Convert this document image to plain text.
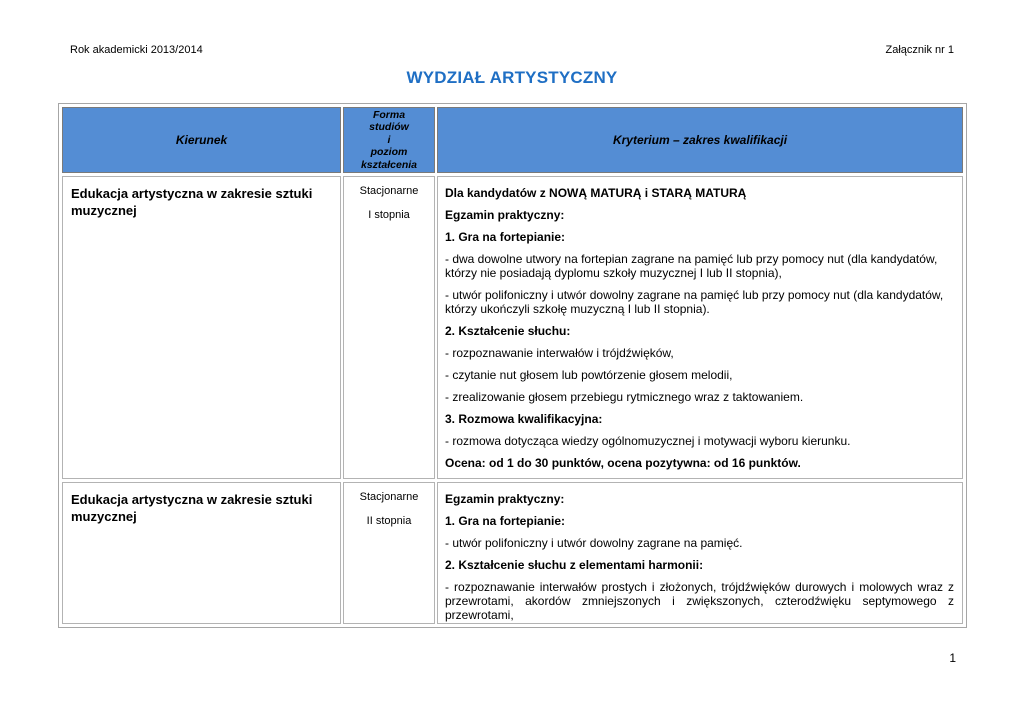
Rok akademicki 2013/2014	Załącznik nr 1
WYDZIAŁ ARTYSTYCZNY
Kierunek
Forma
studiów
i
poziom
kształcenia
Kryterium – zakres kwalifikacji
Edukacja artystyczna w zakresie sztuki muzycznej

Stacjonarne

I stopnia

Dla kandydatów z NOWĄ MATURĄ i STARĄ MATURĄ

Egzamin praktyczny:

1. Gra na fortepianie:

- dwa dowolne utwory na fortepian zagrane na pamięć lub przy pomocy nut (dla kandydatów, którzy nie posiadają dyplomu szkoły muzycznej I lub II stopnia),

- utwór polifoniczny i utwór dowolny zagrane na pamięć lub przy pomocy nut (dla kandydatów, którzy ukończyli szkołę muzyczną I lub II stopnia).

2. Kształcenie słuchu:

- rozpoznawanie interwałów i trójdźwięków,

- czytanie nut głosem lub powtórzenie głosem melodii,

- zrealizowanie głosem przebiegu rytmicznego wraz z taktowaniem.

3. Rozmowa kwalifikacyjna:

- rozmowa dotycząca wiedzy ogólnomuzycznej i motywacji wyboru kierunku.

Ocena: od 1 do 30 punktów, ocena pozytywna: od 16 punktów.

Edukacja artystyczna w zakresie sztuki muzycznej

Stacjonarne

II stopnia

Egzamin praktyczny:

1. Gra na fortepianie:

- utwór polifoniczny i utwór dowolny zagrane na pamięć.

2. Kształcenie słuchu z elementami harmonii:

- rozpoznawanie interwałów prostych i złożonych, trójdźwięków durowych i molowych wraz z przewrotami, akordów zmniejszonych i zwiększonych, czterodźwięku septymowego z przewrotami,

1
